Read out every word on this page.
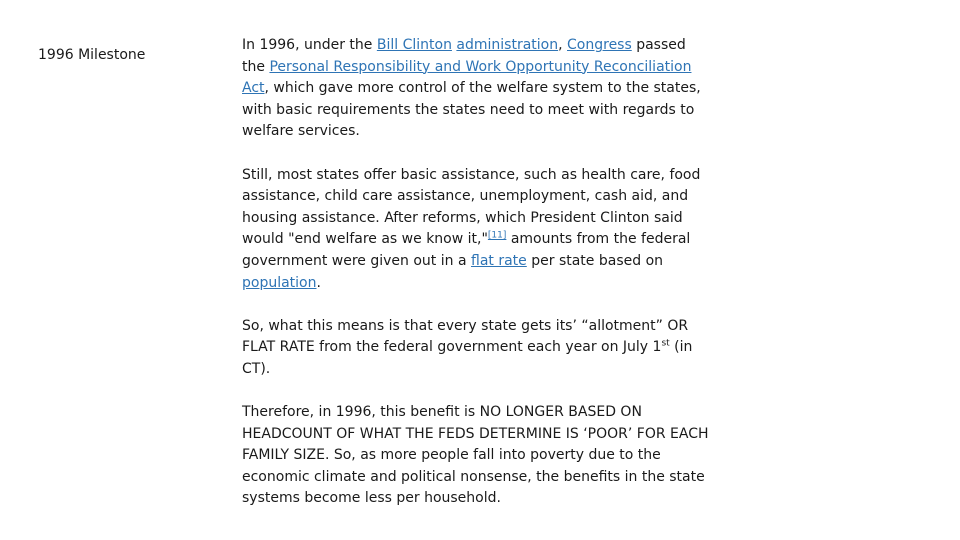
1996 Milestone

In 1996, under the Bill Clinton administration, Congress passed the Personal Responsibility and Work Opportunity Reconciliation Act, which gave more control of the welfare system to the states, with basic requirements the states need to meet with regards to welfare services.

Still, most states offer basic assistance, such as health care, food assistance, child care assistance, unemployment, cash aid, and housing assistance. After reforms, which President Clinton said would "end welfare as we know it,"[11] amounts from the federal government were given out in a flat rate per state based on population.

So, what this means is that every state gets its’ “allotment” OR FLAT RATE from the federal government each year on July 1st (in CT).

Therefore, in 1996, this benefit is NO LONGER BASED ON HEADCOUNT OF WHAT THE FEDS DETERMINE IS ‘POOR’ FOR EACH FAMILY SIZE. So, as more people fall into poverty due to the economic climate and political nonsense, the benefits in the state systems become less per household.
